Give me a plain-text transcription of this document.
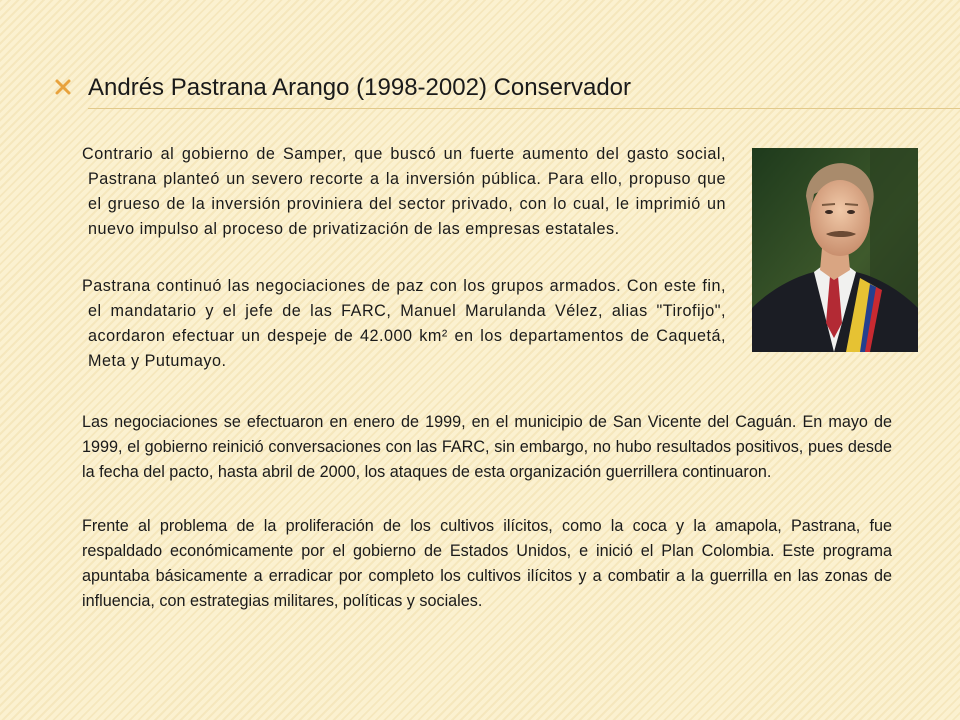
Andrés Pastrana Arango (1998-2002) Conservador

Contrario al gobierno de Samper, que buscó un fuerte aumento del gasto social, Pastrana planteó un severo recorte a la inversión pública. Para ello, propuso que el grueso de la inversión proviniera del sector privado, con lo cual, le imprimió un nuevo impulso al proceso de privatización de las empresas estatales.

Pastrana continuó las negociaciones de paz con los grupos armados. Con este fin, el mandatario y el jefe de las FARC, Manuel Marulanda Vélez, alias "Tirofijo", acordaron efectuar un despeje de 42.000 km² en los departamentos de Caquetá, Meta y Putumayo.

Las negociaciones se efectuaron en enero de 1999, en el municipio de San Vicente del Caguán. En mayo de 1999, el gobierno reinició conversaciones con las FARC, sin embargo, no hubo resultados positivos, pues desde la fecha del pacto, hasta abril de 2000, los ataques de esta organización guerrillera continuaron.

Frente al problema de la proliferación de los cultivos ilícitos, como la coca y la amapola, Pastrana, fue respaldado económicamente por el gobierno de Estados Unidos, e inició el Plan Colombia. Este programa apuntaba básicamente a erradicar por completo los cultivos ilícitos y a combatir a la guerrilla en las zonas de influencia, con estrategias militares, políticas y sociales.
